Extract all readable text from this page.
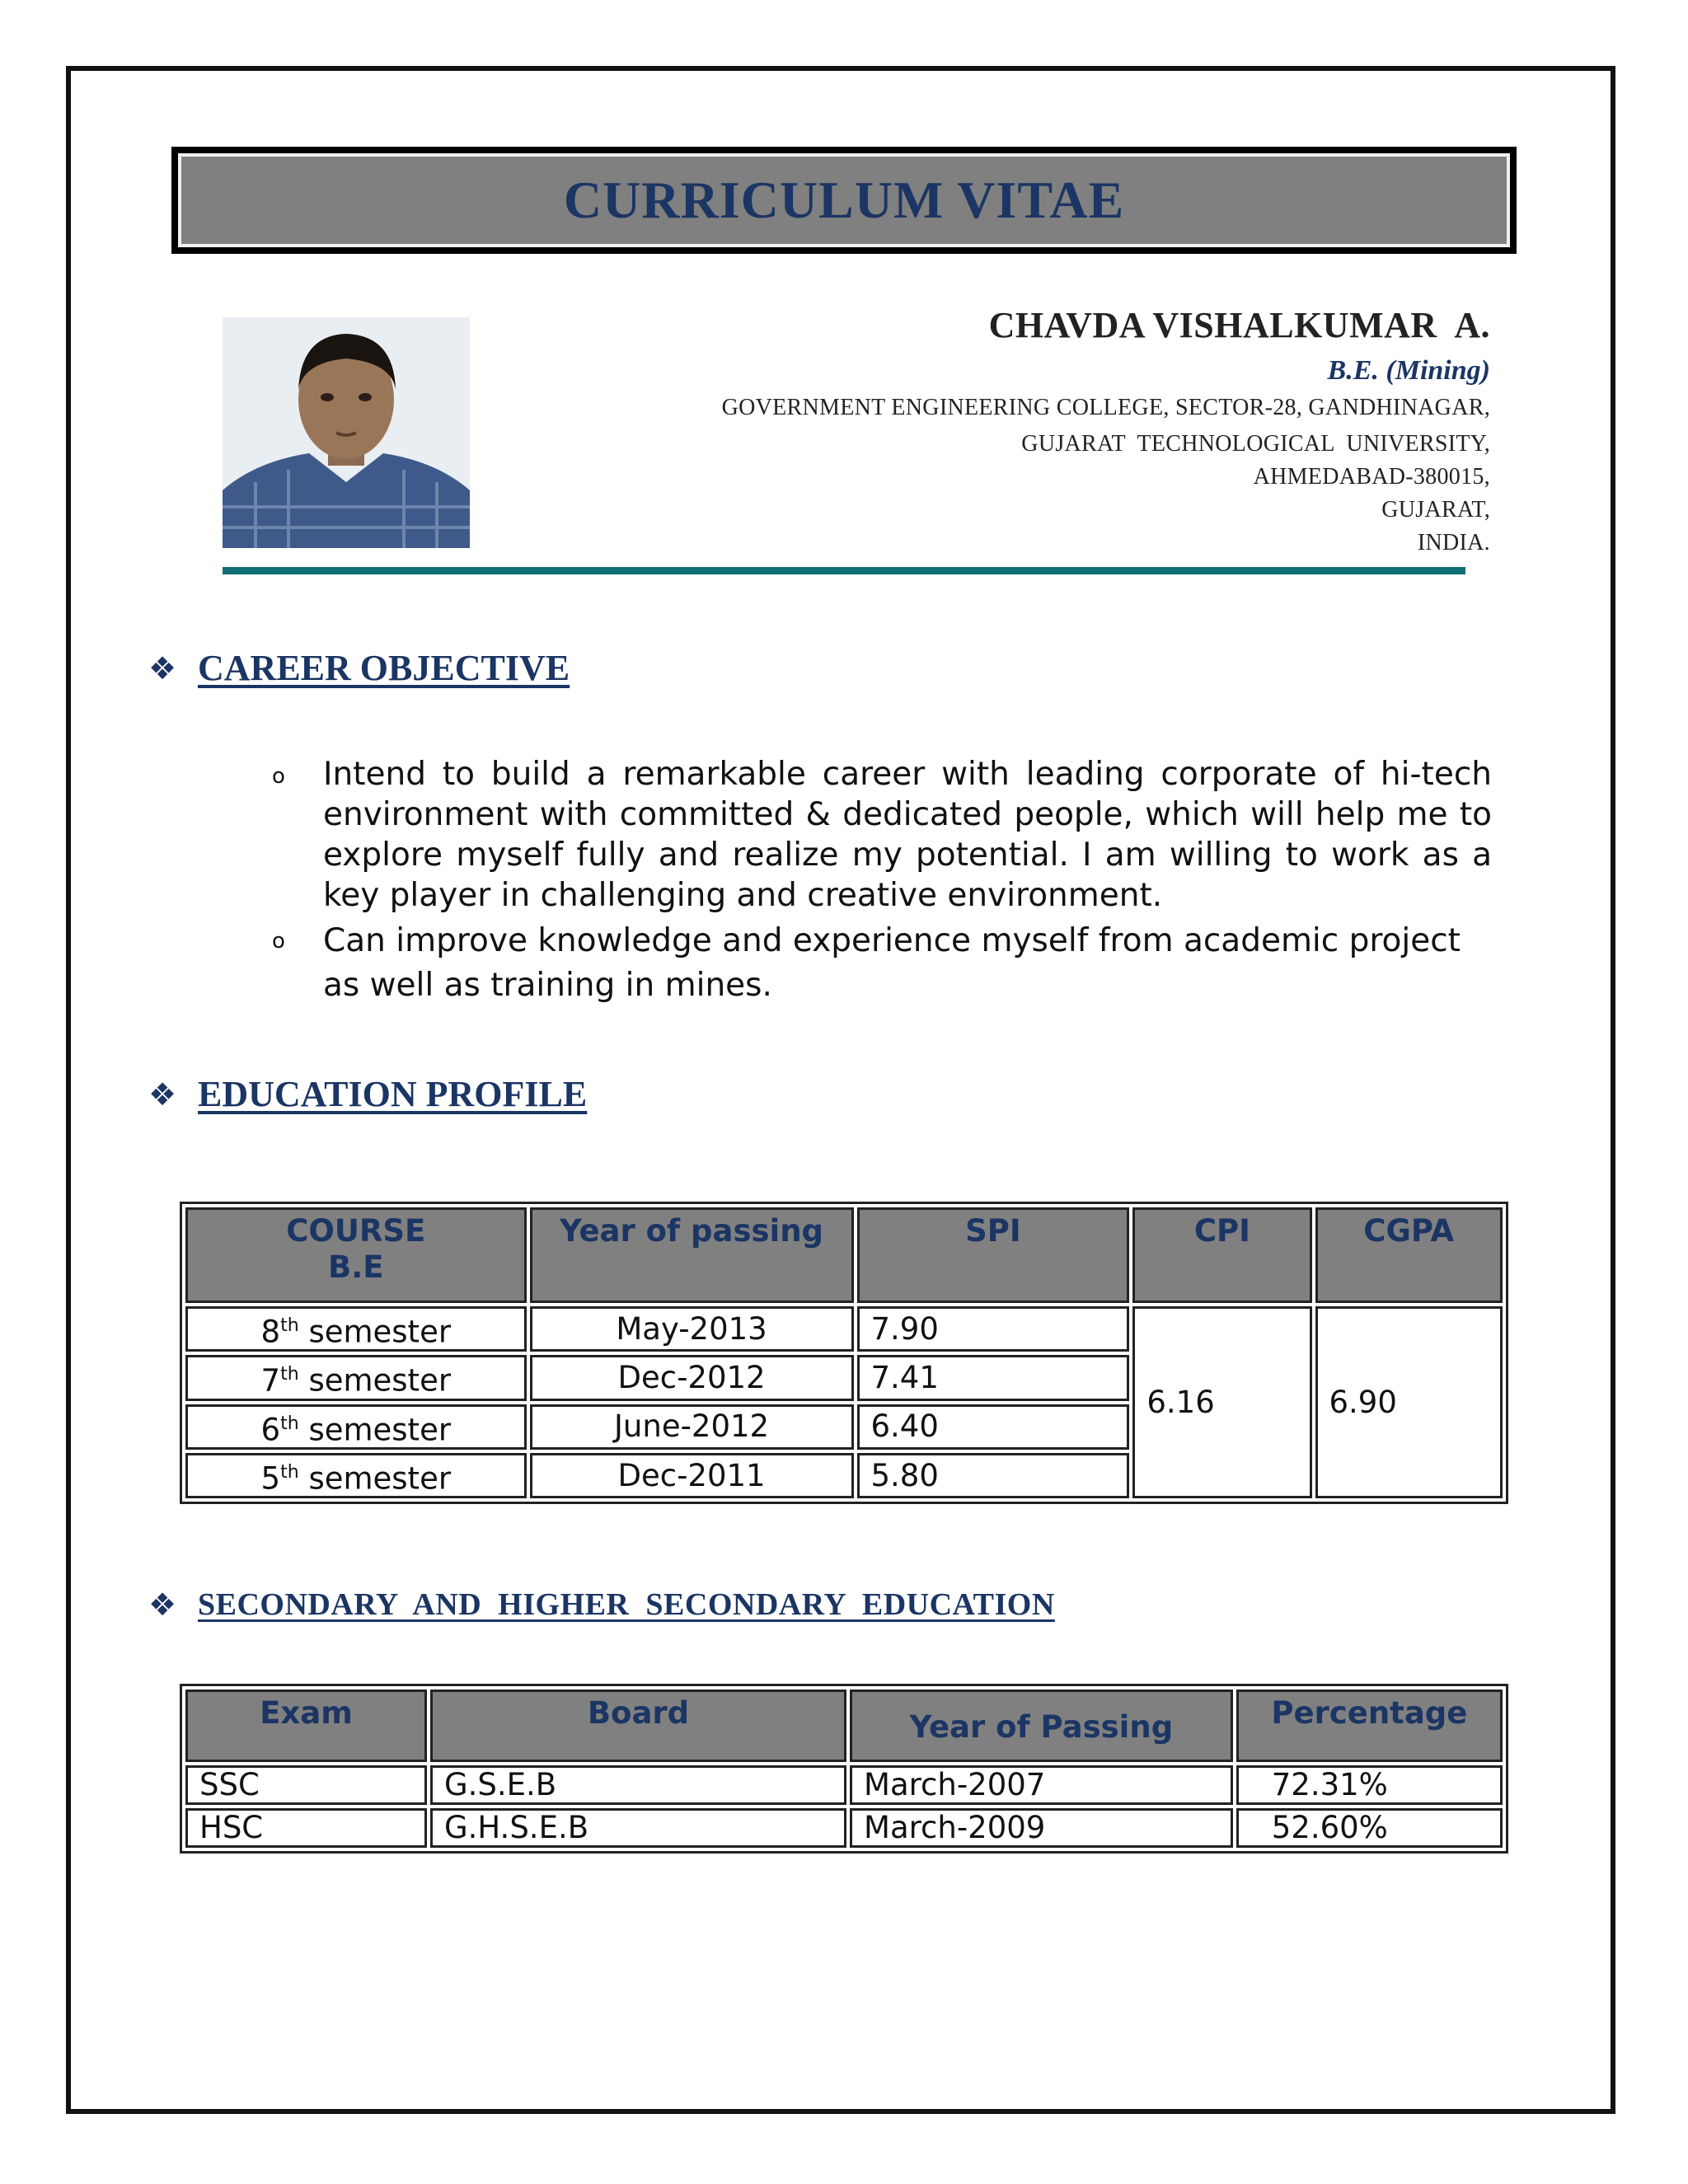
CURRICULUM VITAE
CHAVDA VISHALKUMAR  A.
B.E. (Mining)
GOVERNMENT ENGINEERING COLLEGE, SECTOR-28, GANDHINAGAR,
GUJARAT  TECHNOLOGICAL  UNIVERSITY,
AHMEDABAD-380015,
GUJARAT,
INDIA.
❖ CAREER OBJECTIVE
o	Intend to build a remarkable career with leading corporate of hi-tech environment with committed & dedicated people, which will help me to explore myself fully and realize my potential. I am willing to work as a key player in challenging and creative environment.
o	Can improve knowledge and experience myself from academic project as well as training in mines.
❖ EDUCATION PROFILE
COURSE
B.E	Year of passing	SPI	CPI	CGPA
8th semester	May-2013	7.90	6.16	6.90
7th semester	Dec-2012	7.41		
6th semester	June-2012	6.40		
5th semester	Dec-2011	5.80		
❖ SECONDARY  AND  HIGHER  SECONDARY  EDUCATION
Exam	Board	Year of Passing	Percentage
SSC	G.S.E.B	March-2007	72.31%
HSC	G.H.S.E.B	March-2009	52.60%
